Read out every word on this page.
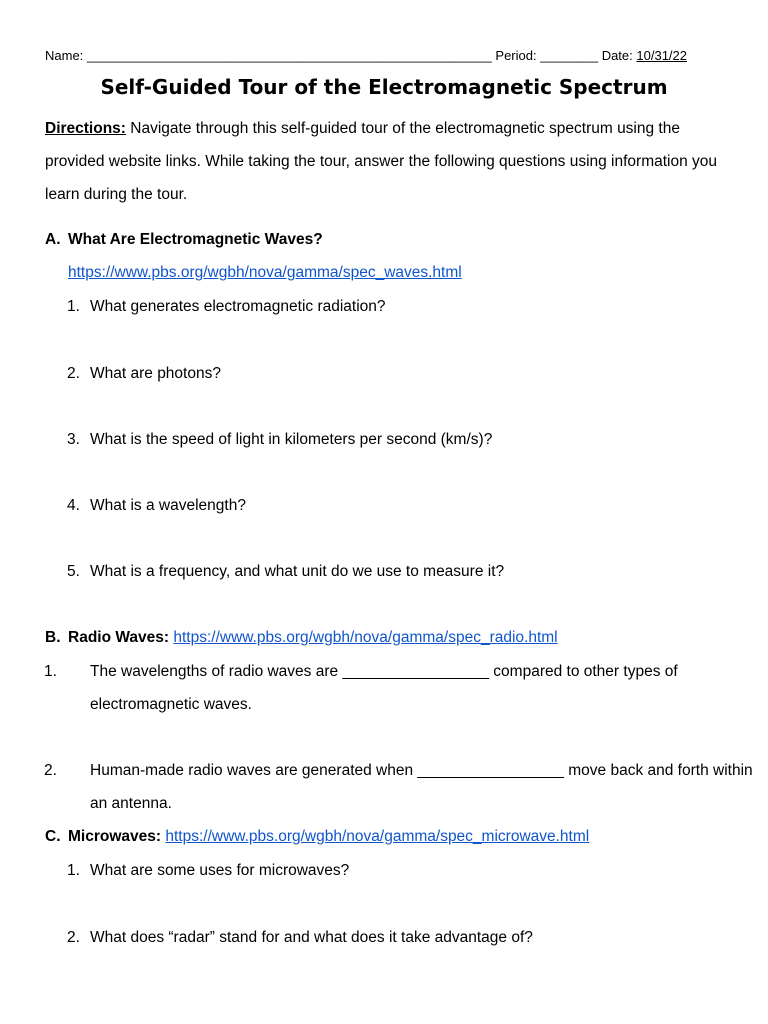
Name: ________________________________________________________ Period: ________ Date: 10/31/22
Self-Guided Tour of the Electromagnetic Spectrum
Directions: Navigate through this self-guided tour of the electromagnetic spectrum using the provided website links. While taking the tour, answer the following questions using information you learn during the tour.
A. What Are Electromagnetic Waves?
https://www.pbs.org/wgbh/nova/gamma/spec_waves.html
1. What generates electromagnetic radiation?
2. What are photons?
3. What is the speed of light in kilometers per second (km/s)?
4. What is a wavelength?
5. What is a frequency, and what unit do we use to measure it?
B. Radio Waves: https://www.pbs.org/wgbh/nova/gamma/spec_radio.html
1. The wavelengths of radio waves are _________________ compared to other types of electromagnetic waves.
2. Human-made radio waves are generated when _________________ move back and forth within an antenna.
C. Microwaves: https://www.pbs.org/wgbh/nova/gamma/spec_microwave.html
1. What are some uses for microwaves?
2. What does “radar” stand for and what does it take advantage of?
